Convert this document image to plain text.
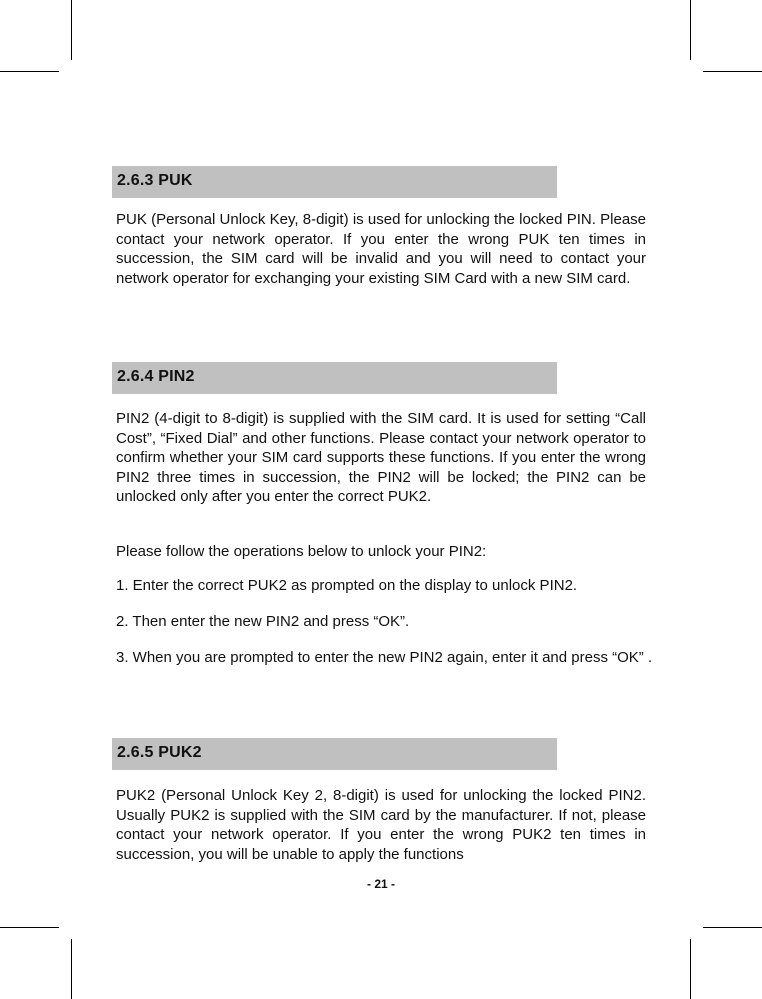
2.6.3 PUK
PUK (Personal Unlock Key, 8-digit) is used for unlocking the locked PIN. Please contact your network operator. If you enter the wrong PUK ten times in succession, the SIM card will be invalid and you will need to contact your network operator for exchanging your existing SIM Card with a new SIM card.
2.6.4 PIN2
PIN2 (4-digit to 8-digit) is supplied with the SIM card. It is used for setting “Call Cost”, “Fixed Dial” and other functions. Please contact your network operator to confirm whether your SIM card supports these functions. If you enter the wrong PIN2 three times in succession, the PIN2 will be locked; the PIN2 can be unlocked only after you enter the correct PUK2.
Please follow the operations below to unlock your PIN2:
1. Enter the correct PUK2 as prompted on the display to unlock PIN2.
2. Then enter the new PIN2 and press “OK”.
3. When you are prompted to enter the new PIN2 again, enter it and press “OK” .
2.6.5 PUK2
PUK2 (Personal Unlock Key 2, 8-digit) is used for unlocking the locked PIN2. Usually PUK2 is supplied with the SIM card by the manufacturer. If not, please contact your network operator. If you enter the wrong PUK2 ten times in succession, you will be unable to apply the functions
- 21 -
